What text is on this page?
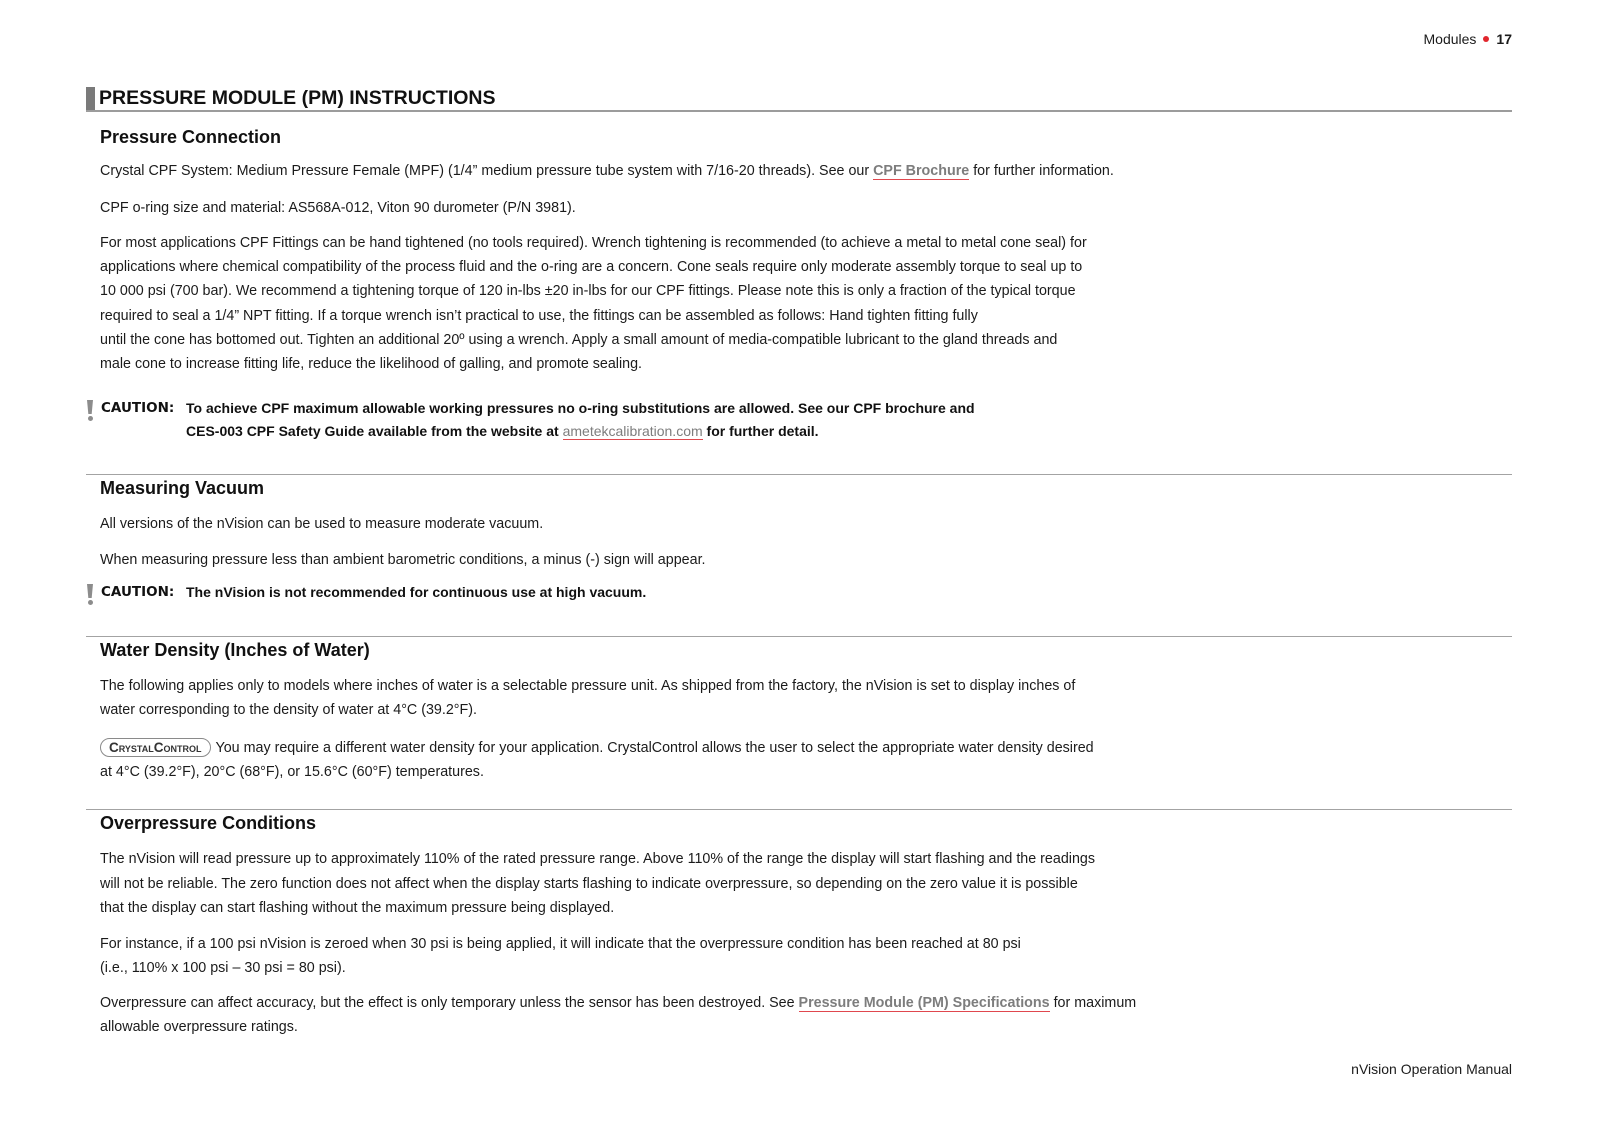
Modules 17
PRESSURE MODULE (PM) INSTRUCTIONS
Pressure Connection
Crystal CPF System: Medium Pressure Female (MPF) (1/4” medium pressure tube system with 7/16-20 threads). See our CPF Brochure for further information.
CPF o-ring size and material: AS568A-012, Viton 90 durometer (P/N 3981).
For most applications CPF Fittings can be hand tightened (no tools required). Wrench tightening is recommended (to achieve a metal to metal cone seal) for
applications where chemical compatibility of the process fluid and the o-ring are a concern. Cone seals require only moderate assembly torque to seal up to
10 000 psi (700 bar). We recommend a tightening torque of 120 in-lbs ±20 in-lbs for our CPF fittings. Please note this is only a fraction of the typical torque
required to seal a 1/4” NPT fitting. If a torque wrench isn’t practical to use, the fittings can be assembled as follows: Hand tighten fitting fully
until the cone has bottomed out. Tighten an additional 20º using a wrench. Apply a small amount of media-compatible lubricant to the gland threads and
male cone to increase fitting life, reduce the likelihood of galling, and promote sealing.
CAUTION: To achieve CPF maximum allowable working pressures no o-ring substitutions are allowed. See our CPF brochure and
CES-003 CPF Safety Guide available from the website at ametekcalibration.com for further detail.
Measuring Vacuum
All versions of the nVision can be used to measure moderate vacuum.
When measuring pressure less than ambient barometric conditions, a minus (-) sign will appear.
CAUTION: The nVision is not recommended for continuous use at high vacuum.
Water Density (Inches of Water)
The following applies only to models where inches of water is a selectable pressure unit. As shipped from the factory, the nVision is set to display inches of
water corresponding to the density of water at 4°C (39.2°F).
CrystalControl You may require a different water density for your application. CrystalControl allows the user to select the appropriate water density desired
at 4°C (39.2°F), 20°C (68°F), or 15.6°C (60°F) temperatures.
Overpressure Conditions
The nVision will read pressure up to approximately 110% of the rated pressure range. Above 110% of the range the display will start flashing and the readings
will not be reliable. The zero function does not affect when the display starts flashing to indicate overpressure, so depending on the zero value it is possible
that the display can start flashing without the maximum pressure being displayed.
For instance, if a 100 psi nVision is zeroed when 30 psi is being applied, it will indicate that the overpressure condition has been reached at 80 psi
(i.e., 110% x 100 psi – 30 psi = 80 psi).
Overpressure can affect accuracy, but the effect is only temporary unless the sensor has been destroyed. See Pressure Module (PM) Specifications for maximum
allowable overpressure ratings.
nVision Operation Manual
